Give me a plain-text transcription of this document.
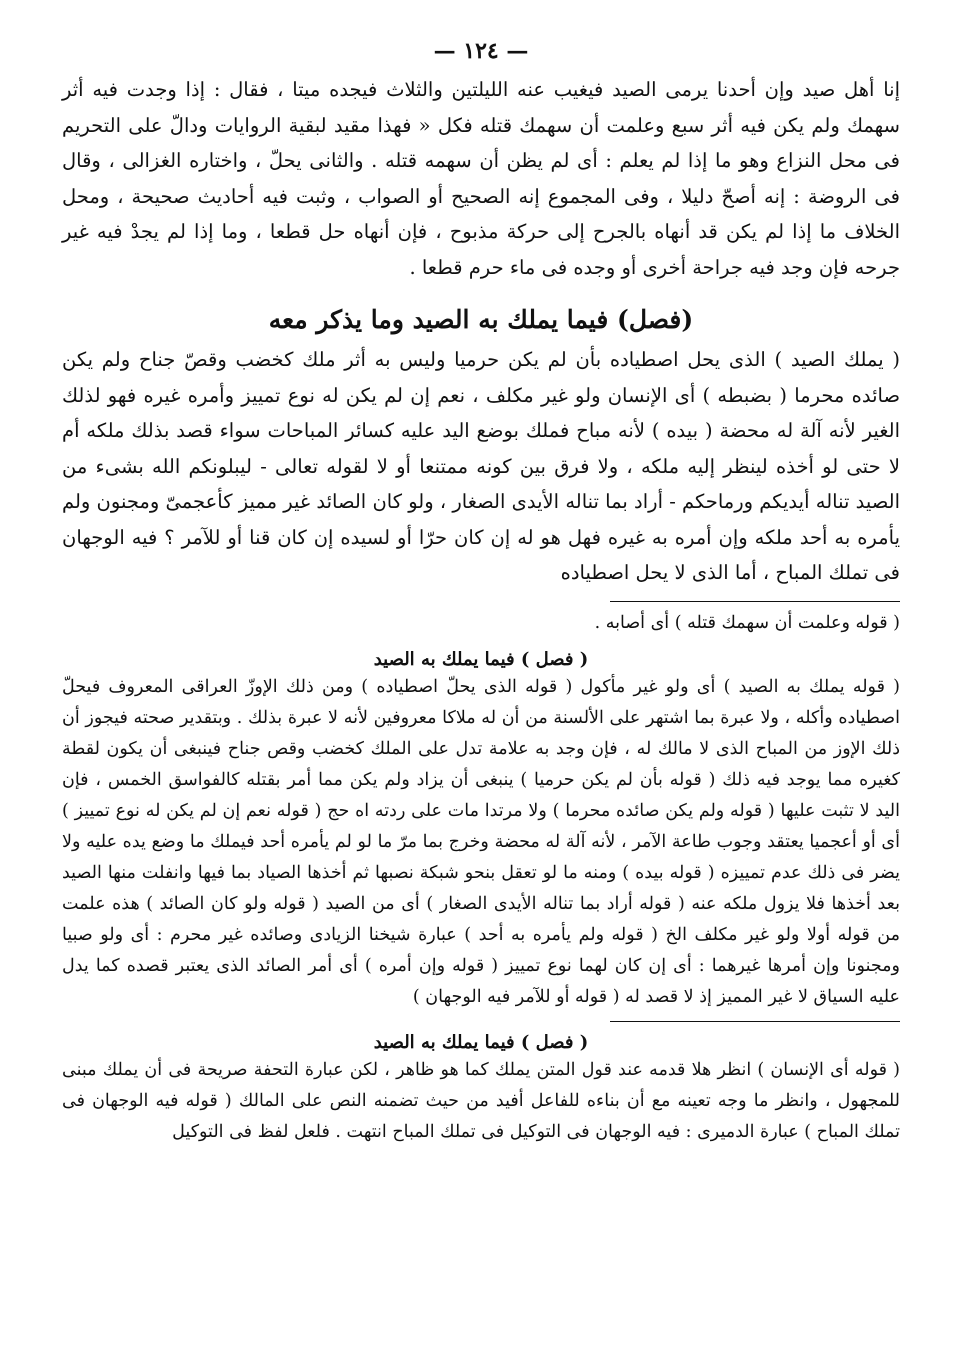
— ١٢٤ —

إنا أهل صيد وإن أحدنا يرمى الصيد فيغيب عنه الليلتين والثلاث فيجده ميتا ، فقال : إذا وجدت فيه أثر سهمك ولم يكن فيه أثر سبع وعلمت أن سهمك قتله فكل « فهذا مقيد لبقية الروايات ودالّ على التحريم فى محل النزاع وهو ما إذا لم يعلم : أى لم يظن أن سهمه قتله . والثانى يحلّ ، واختاره الغزالى ، وقال فى الروضة : إنه أصحّ دليلا ، وفى المجموع إنه الصحيح أو الصواب ، وثبت فيه أحاديث صحيحة ، ومحل الخلاف ما إذا لم يكن قد أنهاه بالجرح إلى حركة مذبوح ، فإن أنهاه حل قطعا ، وما إذا لم يجدْ فيه غير جرحه فإن وجد فيه جراحة أخرى أو وجده فى ماء حرم قطعا .

(فصل) فيما يملك به الصيد وما يذكر معه

( يملك الصيد ) الذى يحل اصطياده بأن لم يكن حرميا وليس به أثر ملك كخضب وقصّ جناح ولم يكن صائده محرما ( بضبطه ) أى الإنسان ولو غير مكلف ، نعم إن لم يكن له نوع تمييز وأمره غيره فهو لذلك الغير لأنه آلة له محضة ( بيده ) لأنه مباح فملك بوضع اليد عليه كسائر المباحات سواء قصد بذلك ملكه أم لا حتى لو أخذه لينظر إليه ملكه ، ولا فرق بين كونه ممتنعا أو لا لقوله تعالى - ليبلونكم الله بشىء من الصيد تناله أيديكم ورماحكم - أراد بما تناله الأيدى الصغار ، ولو كان الصائد غير مميز كأعجمىّ ومجنون ولم يأمره به أحد ملكه وإن أمره به غيره فهل هو له إن كان حرّا أو لسيده إن كان قنا أو للآمر ؟ فيه الوجهان فى تملك المباح ، أما الذى لا يحل اصطياده

( قوله وعلمت أن سهمك قتله ) أى أصابه .

( فصل ) فيما يملك به الصيد

( قوله يملك به الصيد ) أى ولو غير مأكول ( قوله الذى يحلّ اصطياده ) ومن ذلك الإوزّ العراقى المعروف فيحلّ اصطياده وأكله ، ولا عبرة بما اشتهر على الألسنة من أن له ملاكا معروفين لأنه لا عبرة بذلك . وبتقدير صحته فيجوز أن ذلك الإوز من المباح الذى لا مالك له ، فإن وجد به علامة تدل على الملك كخضب وقص جناح فينبغى أن يكون لقطة كغيره مما يوجد فيه ذلك ( قوله بأن لم يكن حرميا ) ينبغى أن يزاد ولم يكن مما أمر بقتله كالفواسق الخمس ، فإن اليد لا تثبت عليها ( قوله ولم يكن صائده محرما ) ولا مرتدا مات على ردته اه حج ( قوله نعم إن لم يكن له نوع تمييز ) أى أو أعجميا يعتقد وجوب طاعة الآمر ، لأنه آلة له محضة وخرج بما مرّ ما لو لم يأمره أحد فيملك ما وضع يده عليه ولا يضر فى ذلك عدم تمييزه ( قوله بيده ) ومنه ما لو تعقل بنحو شبكة نصبها ثم أخذها الصياد بما فيها وانفلت منها الصيد بعد أخذها فلا يزول ملكه عنه ( قوله أراد بما تناله الأيدى الصغار ) أى من الصيد ( قوله ولو كان الصائد ) هذه علمت من قوله أولا ولو غير مكلف الخ ( قوله ولم يأمره به أحد ) عبارة شيخنا الزيادى وصائده غير محرم : أى ولو صبيا ومجنونا وإن أمرها غيرهما : أى إن كان لهما نوع تمييز ( قوله وإن أمره ) أى أمر الصائد الذى يعتبر قصده كما يدل عليه السياق لا غير المميز إذ لا قصد له ( قوله أو للآمر فيه الوجهان )

( فصل ) فيما يملك به الصيد

( قوله أى الإنسان ) انظر هلا قدمه عند قول المتن يملك كما هو ظاهر ، لكن عبارة التحفة صريحة فى أن يملك مبنى للمجهول ، وانظر ما وجه تعينه مع أن بناءه للفاعل أفيد من حيث تضمنه النص على المالك ( قوله فيه الوجهان فى تملك المباح ) عبارة الدميرى : فيه الوجهان فى التوكيل فى تملك المباح انتهت . فلعل لفظ فى التوكيل
